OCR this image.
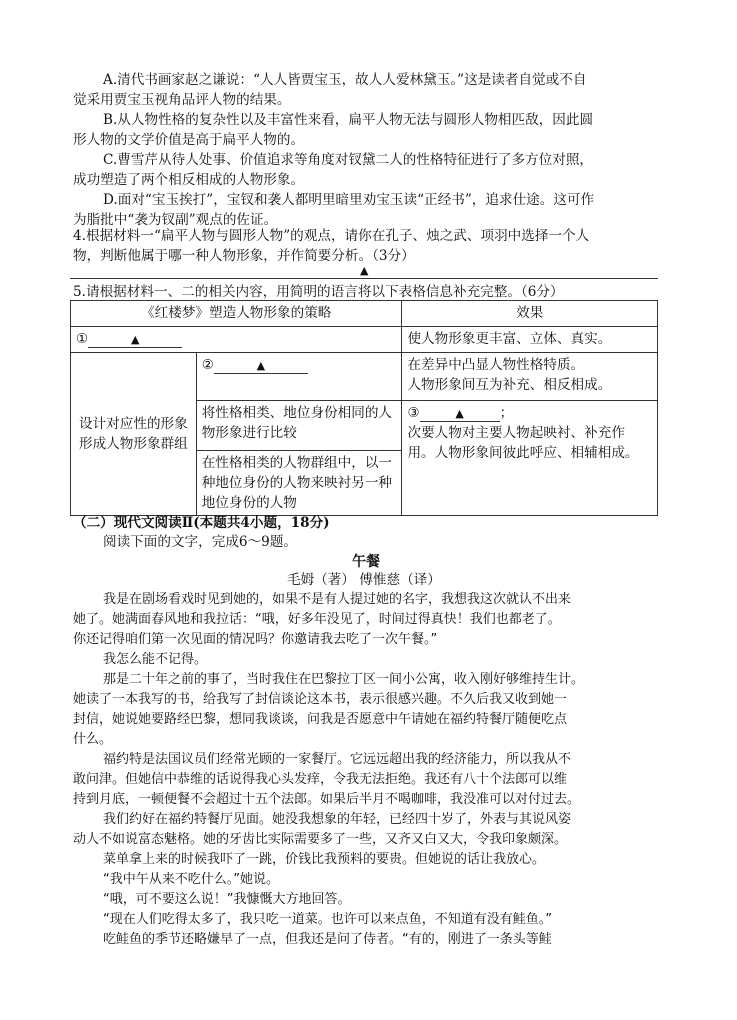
A.清代书画家赵之谦说：“人人皆贾宝玉，故人人爱林黛玉。”这是读者自觉或不自
觉采用贾宝玉视角品评人物的结果。
B.从人物性格的复杂性以及丰富性来看，扁平人物无法与圆形人物相匹敌，因此圆
形人物的文学价值是高于扁平人物的。
C.曹雪芹从待人处事、价值追求等角度对钗黛二人的性格特征进行了多方位对照，
成功塑造了两个相反相成的人物形象。
D.面对“宝玉挨打”，宝钗和袭人都明里暗里劝宝玉读“正经书”，追求仕途。这可作
为脂批中“袭为钗副”观点的佐证。
4.根据材料一“扁平人物与圆形人物”的观点，请你在孔子、烛之武、项羽中选择一个人
物，判断他属于哪一种人物形象，并作简要分析。（3分）
▲
5.请根据材料一、二的相关内容，用简明的语言将以下表格信息补充完整。（6分）
《红楼梦》塑造人物形象的策略		效果
① ▲		使人物形象更丰富、立体、真实。
设计对应性的形象形成人物形象群组	② ▲	在差异中凸显人物性格特质。
人物形象间互为补充、相反相成。

	将性格相类、地位身份相同的人物形象进行比较	③ ▲ ；
次要人物对主要人物起映衬、补充作用。人物形象间彼此呼应、相辅相成。

	在性格相类的人物群组中，以一种地位身份的人物来映衬另一种地位身份的人物	
（二）现代文阅读Ⅱ(本题共4小题，18分)
阅读下面的文字，完成6～9题。
午餐
毛姆（著） 傅惟慈（译）
我是在剧场看戏时见到她的，如果不是有人提过她的名字，我想我这次就认不出来
她了。她满面春风地和我拉话：“哦，好多年没见了，时间过得真快！我们也都老了。
你还记得咱们第一次见面的情况吗？你邀请我去吃了一次午餐。”
我怎么能不记得。
那是二十年之前的事了，当时我住在巴黎拉丁区一间小公寓，收入刚好够维持生计。
她读了一本我写的书，给我写了封信谈论这本书，表示很感兴趣。不久后我又收到她一
封信，她说她要路经巴黎，想同我谈谈，问我是否愿意中午请她在福约特餐厅随便吃点
什么。
福约特是法国议员们经常光顾的一家餐厅。它远远超出我的经济能力，所以我从不
敢问津。但她信中恭维的话说得我心头发痒，令我无法拒绝。我还有八十个法郎可以维
持到月底，一顿便餐不会超过十五个法郎。如果后半月不喝咖啡，我没准可以对付过去。
我们约好在福约特餐厅见面。她没我想象的年轻，已经四十岁了，外表与其说风姿
动人不如说富态魅格。她的牙齿比实际需要多了一些，又齐又白又大，令我印象颇深。
菜单拿上来的时候我吓了一跳，价钱比我预料的要贵。但她说的话让我放心。
“我中午从来不吃什么。”她说。
“哦，可不要这么说！”我慷慨大方地回答。
“现在人们吃得太多了，我只吃一道菜。也许可以来点鱼，不知道有没有鲑鱼。”
吃鲑鱼的季节还略嫌早了一点，但我还是问了侍者。“有的，刚进了一条头等鲑
